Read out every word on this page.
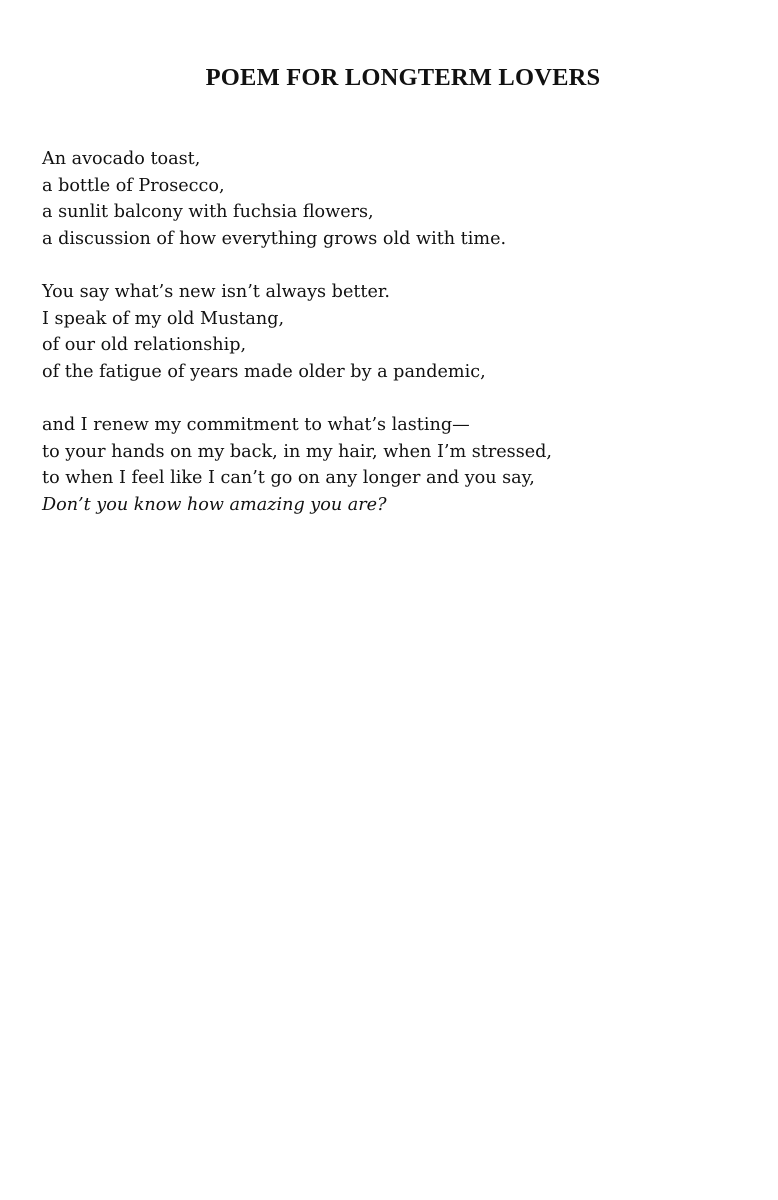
POEM FOR LONGTERM LOVERS
An avocado toast,
a bottle of Prosecco,
a sunlit balcony with fuchsia flowers,
a discussion of how everything grows old with time.
You say what’s new isn’t always better.
I speak of my old Mustang,
of our old relationship,
of the fatigue of years made older by a pandemic,
and I renew my commitment to what’s lasting—
to your hands on my back, in my hair, when I’m stressed,
to when I feel like I can’t go on any longer and you say,
Don’t you know how amazing you are?
